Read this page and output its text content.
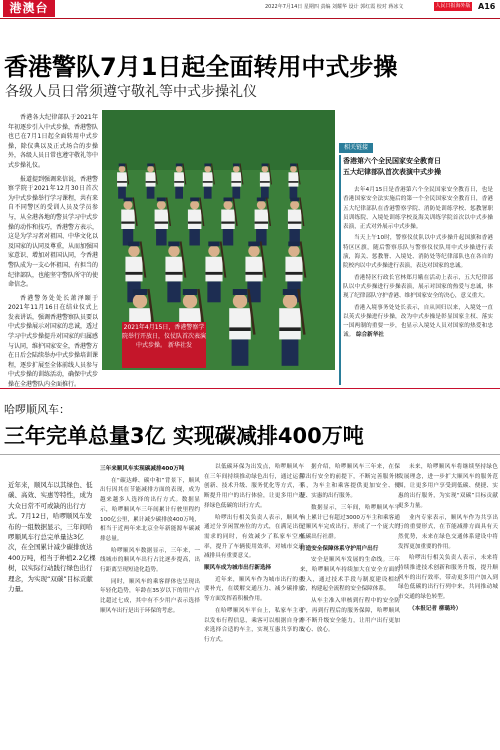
港澳台	2022年7月14日 星期四 责编 刘耀华 设计 郭红霞 校对 蒋冰文	人民日报海外版 A16
香港警队7月1日起全面转用中式步操
各级人员日常须遵守敬礼等中式步操礼仪

香港各大纪律部队于2021年年初逐步引入中式步操，香港警队也已在7月1日起全面转用中式步操，除仪典以及正式场合的步操外，各级人员日常也遵守敬礼等中式步操礼仪。

报道提到强调来信说，香港警察学院于2021年12月30日首次为中式步操举行学习课程，共有来自不同警区的受训人员及学员参与，从全港各地的警员学习中式步操的动作和技巧，香港警方表示，这是为学习者对祖国、中华文化以及国家的认同及尊重，从而加强国家意识、增加对祖国认同，令香港警队成为一支心怀祖国、有担当的纪律部队，也能坚守警队所守的使命信念。

香港警务处处长萧泽颐于2021年11月16日在结业仪式上发表讲话，强调香港警察队员要以中式步操展示对国家的忠诚，透过学习中式步操提升对国家的归属感与认同，维护国家安全，香港警方在日后会陆续举办中式步操培训课程，逐步扩展至全体前线人员参与中式步操的训练活动，确保中式步操在全港警队内全面推行。

2021年4月15日，香港警察学院举行开放日，仪仗队首次表演中式步操。 新华社发
相关链接
香港第六个全民国家安全教育日
五大纪律部队首次表演中式步操

去年4月15日是香港第六个全民国家安全教育日，也是香港国家安全法实施后的第一个全民国家安全教育日，香港五大纪律部队在香港警察学院、消防处训练学校、惩教署职员训练院、入境处训练学校及海关训练学院首次以中式步操表演，正式对外展示中式步操。

当天上午10时，警察仪仗队以中式步操升起国旗和香港特区区旗，随后警察乐队与警察仪仗队用中式步操进行表演，海关、惩教署、入境处、消防处等纪律部队也在各自的院校内以中式步操进行表演，表达对国家的忠诚。

香港特区行政长官林郑月娥在活动上表示，五大纪律部队以中式步操进行步操表演，展示对国家的热爱与忠诚，体现了纪律部队守护香港、维护国家安全的决心，意义重大。

香港入境事务处处长表示，自从回归以来，入境处一直以英式步操进行步操，改为中式步操是彰显国家主权、落实一国两制的重要一步，也显示入境处人员对国家的热爱和忠诚。 综合新华社

哈啰顺风车：
三年完单总量3亿 实现碳减排400万吨
近年来，顺风车以其绿色、低碳、高效、实惠等特性，成为大众日常不可或缺的出行方式。7月12日，哈啰顺风车发布的一组数据显示，三年间哈啰顺风车行总完单量达3亿次，在全国累计减少碳排放达400万吨，相当于种植2.2亿棵树，以实际行动践行绿色出行理念，为实现“双碳”目标贡献力量。

三年来顺风车实现碳减排400万吨

在“碳达峰、碳中和”背景下，顺风出行因其在节能减排方面的表现，成为越来越多人选择的出行方式。数据显示，哈啰顺风车三年间累计行驶里程约100亿公里，累计减少碳排放400万吨，相当于近两年来北京全年新能源车碳减排总量。

哈啰顺风车数据显示，三年来，一线城市的顺风车出行占比逐步提高，出行距离呈现短途化趋势。

同时，顺风车的乘客群体也呈现出年轻化趋势，年龄在35岁以下的用户占比超过七成，其中有不少用户表示选择顺风车出行是出于环保的考虑。

以低碳环保为出发点，哈啰顺风车在三年间持续推动绿色出行，通过运营创新、技术升级、服务优化等方式，不断提升用户的出行体验，让更多用户选择绿色低碳的出行方式。

哈啰出行相关负责人表示，顺风车通过分享闲置座位的方式，在满足出行需求的同时，有效减少了私家车空座率，提升了车辆使用效率，对城市交通减排具有重要意义。

顺风车成为城市出行新选择

近年来，顺风车作为城市出行的重要补充，在缓解交通压力、减少碳排放等方面发挥着积极作用。

在哈啰顺风车平台上，私家车主可以发布行程信息，乘客可以根据自身需求选择合适的车主，实现互惠共享的出行方式。

据介绍，哈啰顺风车三年来，在保障出行安全的前提下，不断完善服务体系，为车主和乘客提供更加安全、便捷、实惠的出行服务。

数据显示，三年间，哈啰顺风车平台上累计已有超过3000万车主和乘客通过顺风车完成出行，形成了一个庞大的低碳出行社群。

打造安全保障体系守护用户出行

安全是顺风车发展的生命线。三年来，哈啰顺风车持续加大在安全方面的投入，通过技术手段与制度建设相结合，构建起全流程的安全保障体系。

从车主准入审核到行程中的安全防护，再到行程后的服务保障，哈啰顺风车不断升级安全能力，让用户出行更加安心、放心。

未来，哈啰顺风车将继续坚持绿色发展理念，进一步扩大顺风车的服务范围，让更多用户享受到低碳、便捷、实惠的出行服务，为实现“双碳”目标贡献更多力量。

业内专家表示，顺风车作为共享出行的重要形式，在节能减排方面具有天然优势，未来在绿色交通体系建设中将发挥更加重要的作用。

哈啰出行相关负责人表示，未来将持续推进技术创新和服务升级，提升顺风车的出行效率，带动更多用户加入到绿色低碳的出行行列中来，共同推动城市交通的绿色转型。

（本报记者 柳璐玲）
